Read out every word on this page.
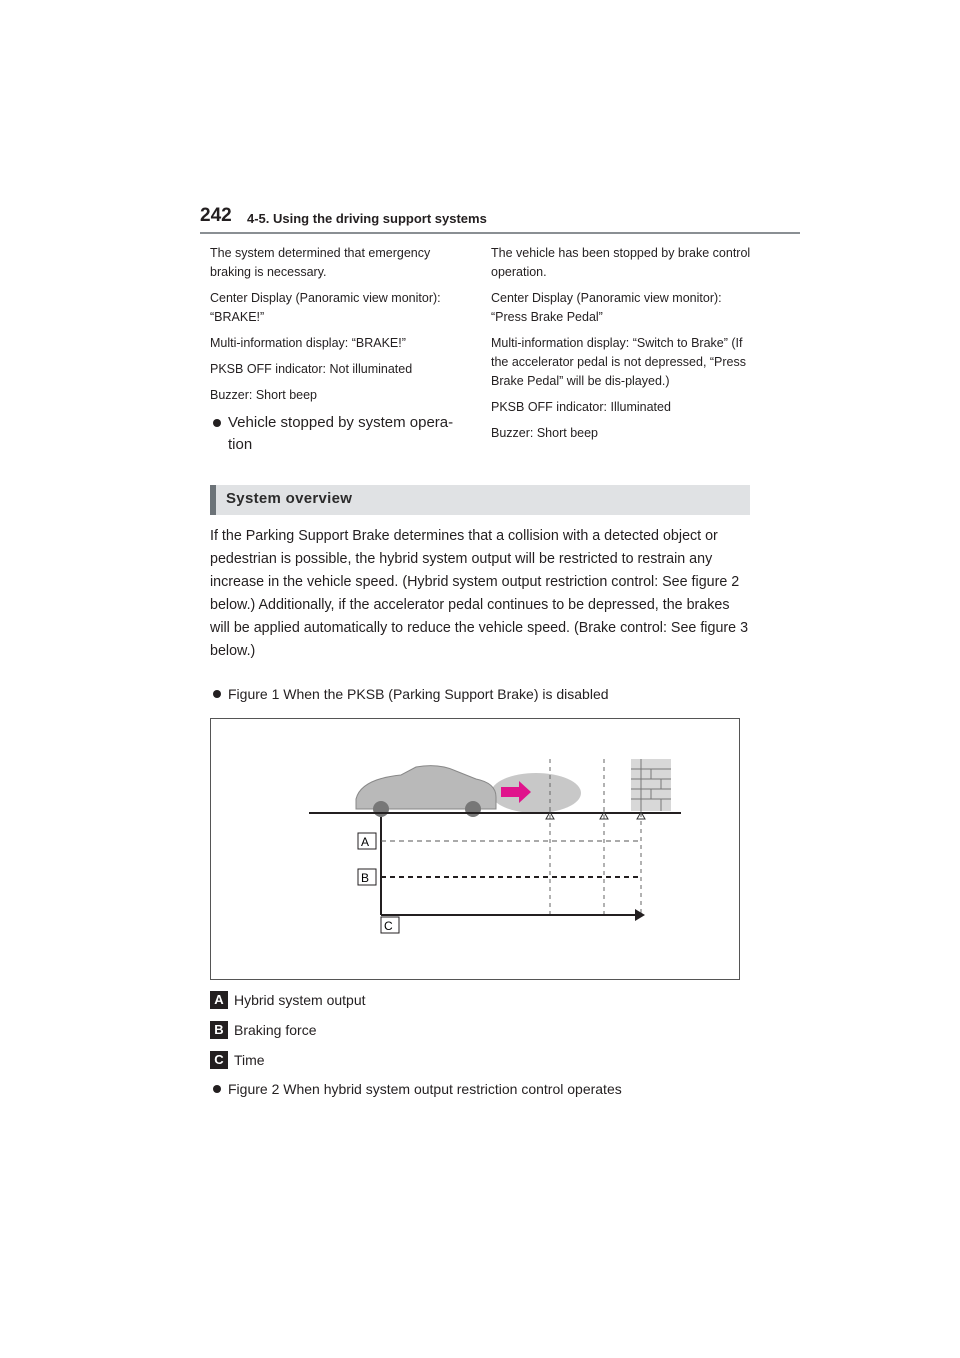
242 4-5. Using the driving support systems

The system determined that emergency braking is necessary.

Center Display (Panoramic view monitor): “BRAKE!”

Multi-information display: “BRAKE!”

PKSB OFF indicator: Not illuminated

Buzzer: Short beep

Vehicle stopped by system opera-tion

The vehicle has been stopped by brake control operation.

Center Display (Panoramic view monitor): “Press Brake Pedal”

Multi-information display: “Switch to Brake” (If the accelerator pedal is not depressed, “Press Brake Pedal” will be dis-played.)

PKSB OFF indicator: Illuminated

Buzzer: Short beep

System overview
If the Parking Support Brake determines that a collision with a detected object or pedestrian is possible, the hybrid system output will be restricted to restrain any increase in the vehicle speed. (Hybrid system output restriction control: See figure 2 below.) Additionally, if the accelerator pedal continues to be depressed, the brakes will be applied automatically to reduce the vehicle speed. (Brake control: See figure 3 below.)
Figure 1 When the PKSB (Parking Support Brake) is disabled
A
B
C
A Hybrid system output
B Braking force
C Time
Figure 2 When hybrid system output restriction control operates
